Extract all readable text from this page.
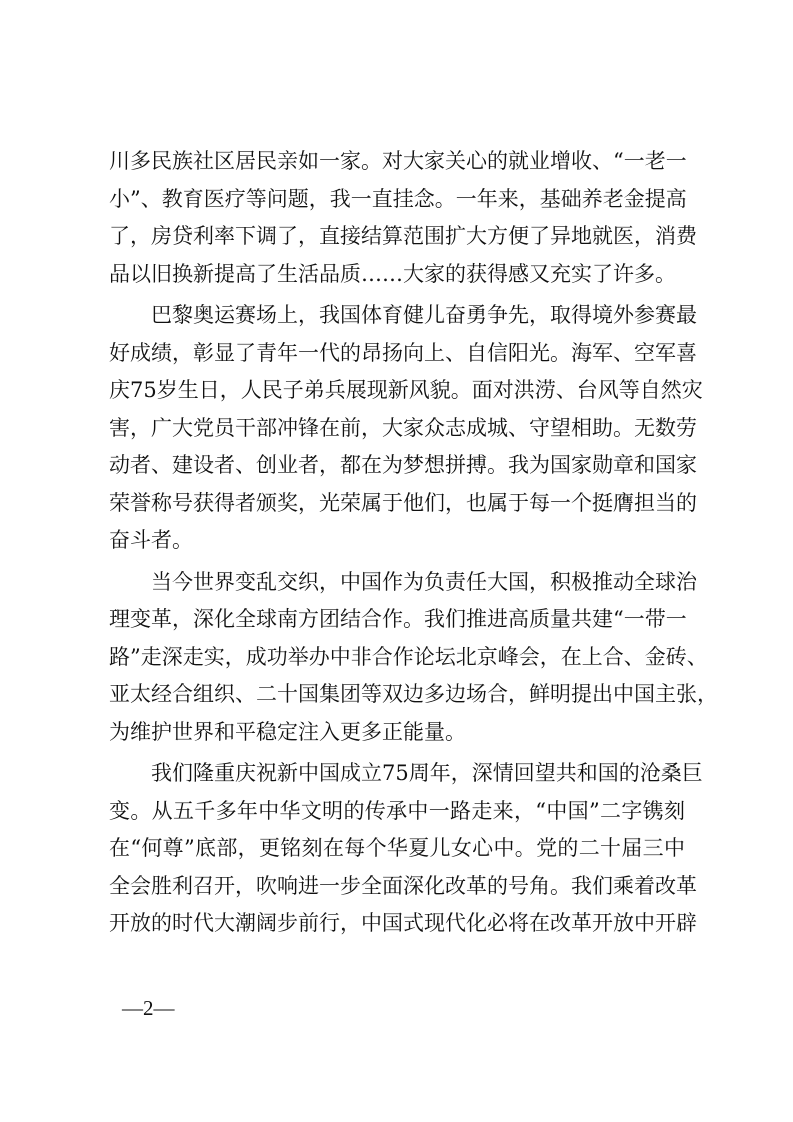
川多民族社区居民亲如一家。对大家关心的就业增收、“一老一
小”、教育医疗等问题，我一直挂念。一年来，基础养老金提高
了，房贷利率下调了，直接结算范围扩大方便了异地就医，消费
品以旧换新提高了生活品质……大家的获得感又充实了许多。
　　巴黎奥运赛场上，我国体育健儿奋勇争先，取得境外参赛最
好成绩，彰显了青年一代的昂扬向上、自信阳光。海军、空军喜
庆75岁生日，人民子弟兵展现新风貌。面对洪涝、台风等自然灾
害，广大党员干部冲锋在前，大家众志成城、守望相助。无数劳
动者、建设者、创业者，都在为梦想拼搏。我为国家勋章和国家
荣誉称号获得者颁奖，光荣属于他们，也属于每一个挺膺担当的
奋斗者。
　　当今世界变乱交织，中国作为负责任大国，积极推动全球治
理变革，深化全球南方团结合作。我们推进高质量共建“一带一
路”走深走实，成功举办中非合作论坛北京峰会，在上合、金砖、
亚太经合组织、二十国集团等双边多边场合，鲜明提出中国主张，
为维护世界和平稳定注入更多正能量。
　　我们隆重庆祝新中国成立75周年，深情回望共和国的沧桑巨
变。从五千多年中华文明的传承中一路走来，“中国”二字镌刻
在“何尊”底部，更铭刻在每个华夏儿女心中。党的二十届三中
全会胜利召开，吹响进一步全面深化改革的号角。我们乘着改革
开放的时代大潮阔步前行，中国式现代化必将在改革开放中开辟
—2—
